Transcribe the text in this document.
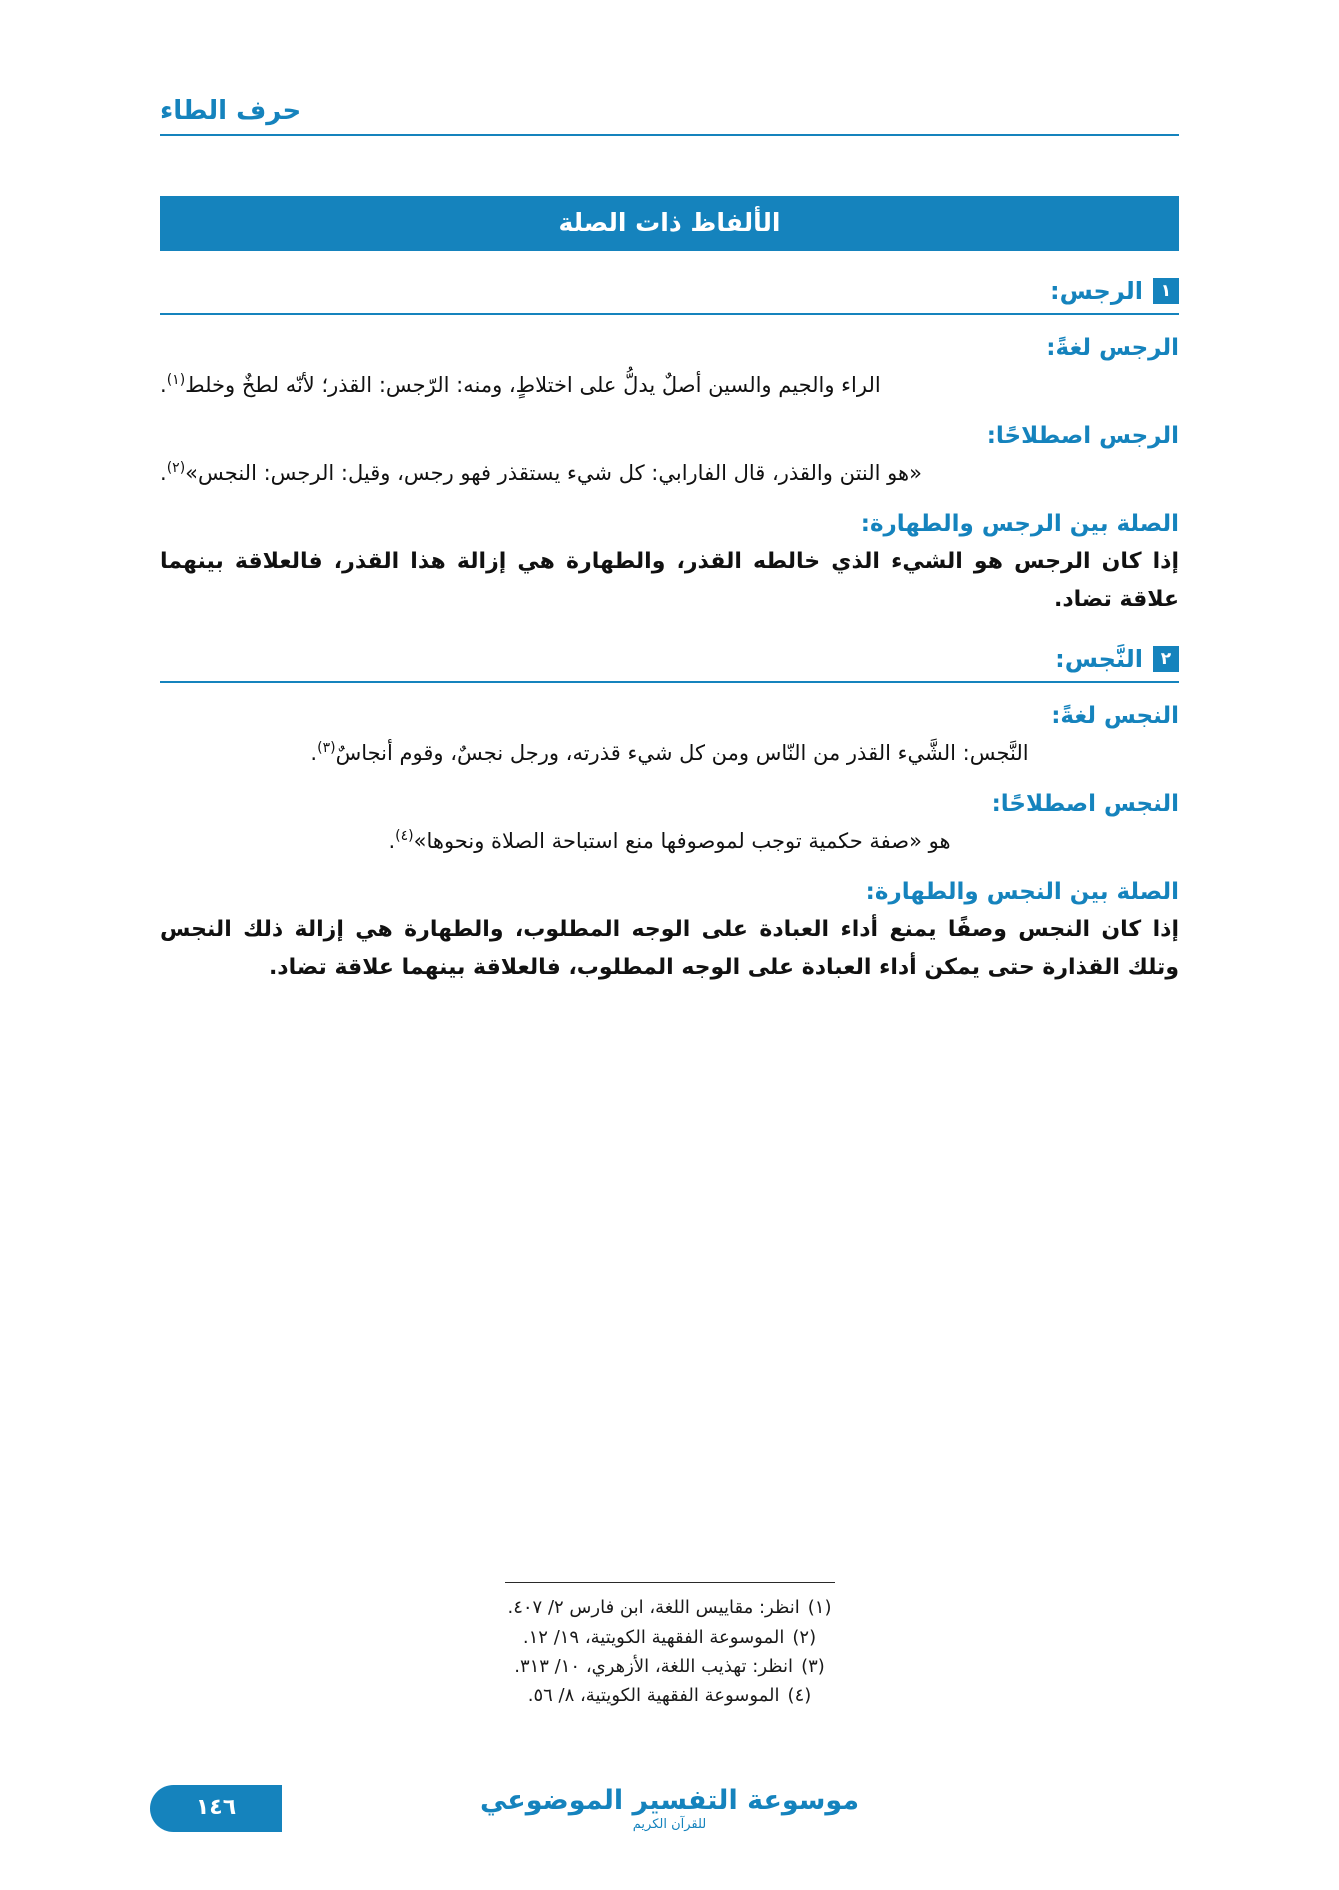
حرف الطاء
الألفاظ ذات الصلة
١
الرجس:
الرجس لغةً:

الراء والجيم والسين أصلٌ يدلُّ على اختلاطٍ، ومنه: الرّجس: القذر؛ لأنّه لطخٌ وخلط$^{(١)}$.

الرجس اصطلاحًا:

«هو النتن والقذر، قال الفارابي: كل شيء يستقذر فهو رجس، وقيل: الرجس: النجس»$^{(٢)}$.

الصلة بين الرجس والطهارة:

إذا كان الرجس هو الشيء الذي خالطه القذر، والطهارة هي إزالة هذا القذر، فالعلاقة بينهما علاقة تضاد.

٢
النَّجس:
النجس لغةً:

النَّجس: الشَّيء القذر من النّاس ومن كل شيء قذرته، ورجل نجسٌ، وقوم أنجاسٌ$^{(٣)}$.

النجس اصطلاحًا:

هو «صفة حكمية توجب لموصوفها منع استباحة الصلاة ونحوها»$^{(٤)}$.

الصلة بين النجس والطهارة:

إذا كان النجس وصفًا يمنع أداء العبادة على الوجه المطلوب، والطهارة هي إزالة ذلك النجس وتلك القذارة حتى يمكن أداء العبادة على الوجه المطلوب، فالعلاقة بينهما علاقة تضاد.

(١)انظر: مقاييس اللغة، ابن فارس ٢/ ٤٠٧.
(٢)الموسوعة الفقهية الكويتية، ١٩/ ١٢.
(٣)انظر: تهذيب اللغة، الأزهري، ١٠/ ٣١٣.
(٤)الموسوعة الفقهية الكويتية، ٨/ ٥٦.
موسوعة التفسير الموضوعي
للقرآن الكريم
١٤٦
